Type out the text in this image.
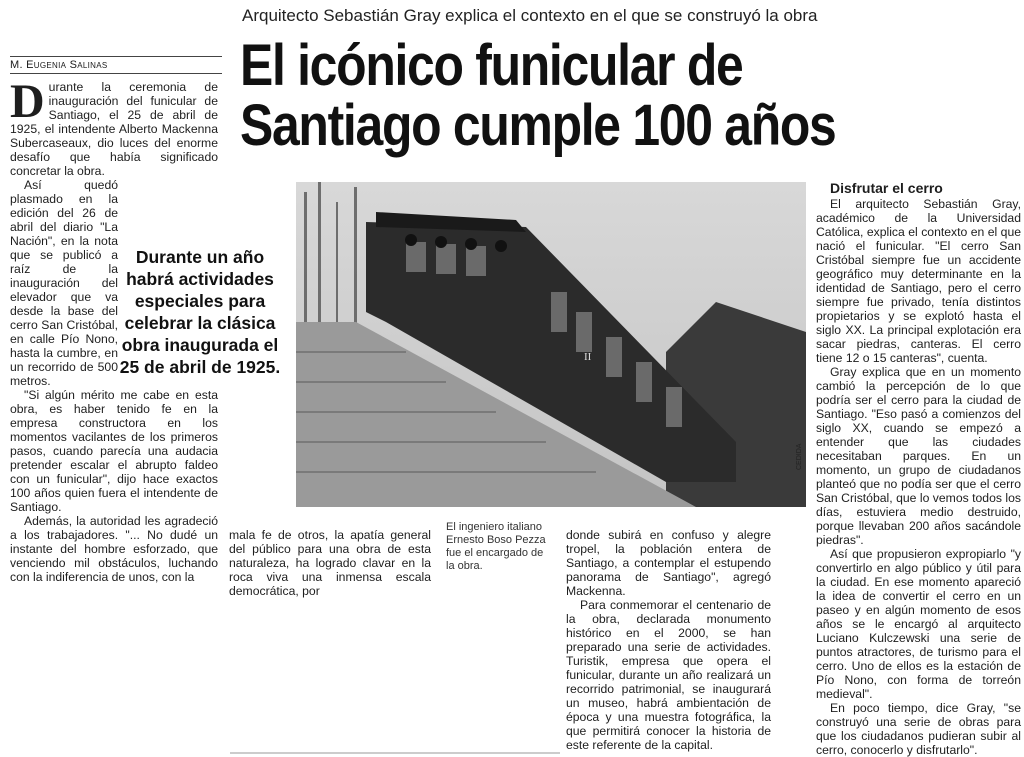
Arquitecto Sebastián Gray explica el contexto en el que se construyó la obra
M. Eugenia Salinas	El icónico funicular de
Santiago cumple 100 años

Durante la ceremonia de inauguración del funicular de Santiago, el 25 de abril de 1925, el intendente Alberto Mackenna Subercaseaux, dio luces del enorme desafío que había significado concretar la obra.

Así quedó plasmado en la edición del 26 de abril del diario "La Nación", en la nota que se publicó a raíz de la inauguración del elevador que va desde la base del cerro San Cristóbal, en calle Pío Nono, hasta la cumbre, en un recorrido de 500 metros.

"Si algún mérito me cabe en esta obra, es haber tenido fe en la empresa constructora en los momentos vacilantes de los primeros pasos, cuando parecía una audacia pretender escalar el abrupto faldeo con un funicular", dijo hace exactos 100 años quien fuera el intendente de Santiago.

Además, la autoridad les agradeció a los trabajadores. "... No dudé un instante del hombre esforzado, que venciendo mil obstáculos, luchando con la indiferencia de unos, con la

Durante un año habrá actividades especiales para celebrar la clásica obra inaugurada el 25 de abril de 1925.	II
CEDIDA
El ingeniero italiano Ernesto Boso Pezza fue el encargado de la obra.

mala fe de otros, la apatía general del público para una obra de esta naturaleza, ha logrado clavar en la roca viva una inmensa escala democrática, por

donde subirá en confuso y alegre tropel, la población entera de Santiago, a contemplar el estupendo panorama de Santiago", agregó Mackenna.

Para conmemorar el centenario de la obra, declarada monumento histórico en el 2000, se han preparado una serie de actividades. Turistik, empresa que opera el funicular, durante un año realizará un recorrido patrimonial, se inaugurará un museo, habrá ambientación de época y una muestra fotográfica, la que permitirá conocer la historia de este referente de la capital.

Disfrutar el cerro

El arquitecto Sebastián Gray, académico de la Universidad Católica, explica el contexto en el que nació el funicular. "El cerro San Cristóbal siempre fue un accidente geográfico muy determinante en la identidad de Santiago, pero el cerro siempre fue privado, tenía distintos propietarios y se explotó hasta el siglo XX. La principal explotación era sacar piedras, canteras. El cerro tiene 12 o 15 canteras", cuenta.

Gray explica que en un momento cambió la percepción de lo que podría ser el cerro para la ciudad de Santiago. "Eso pasó a comienzos del siglo XX, cuando se empezó a entender que las ciudades necesitaban parques. En un momento, un grupo de ciudadanos planteó que no podía ser que el cerro San Cristóbal, que lo vemos todos los días, estuviera medio destruido, porque llevaban 200 años sacándole piedras".

Así que propusieron expropiarlo "y convertirlo en algo público y útil para la ciudad. En ese momento apareció la idea de convertir el cerro en un paseo y en algún momento de esos años se le encargó al arquitecto Luciano Kulczewski una serie de puntos atractores, de turismo para el cerro. Uno de ellos es la estación de Pío Nono, con forma de torreón medieval".

En poco tiempo, dice Gray, "se construyó una serie de obras para que los ciudadanos pudieran subir al cerro, conocerlo y disfrutarlo".
